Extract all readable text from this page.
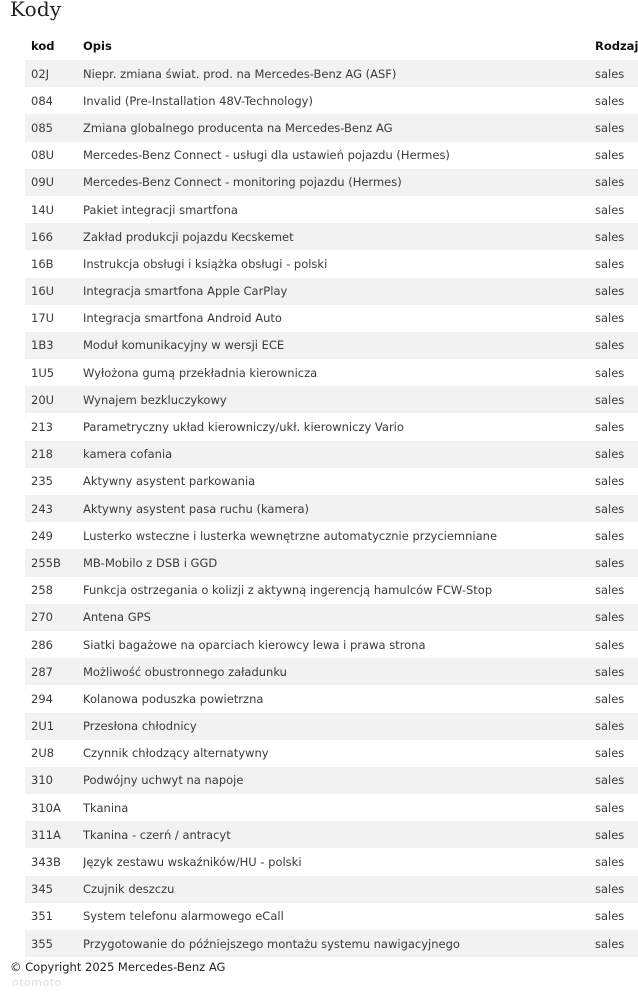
Kody
kod	Opis	Rodzaj
02J	Niepr. zmiana świat. prod. na Mercedes-Benz AG (ASF)	sales
084	Invalid (Pre-Installation 48V-Technology)	sales
085	Zmiana globalnego producenta na Mercedes-Benz AG	sales
08U	Mercedes-Benz Connect - usługi dla ustawień pojazdu (Hermes)	sales
09U	Mercedes-Benz Connect - monitoring pojazdu (Hermes)	sales
14U	Pakiet integracji smartfona	sales
166	Zakład produkcji pojazdu Kecskemet	sales
16B	Instrukcja obsługi i książka obsługi - polski	sales
16U	Integracja smartfona Apple CarPlay	sales
17U	Integracja smartfona Android Auto	sales
1B3	Moduł komunikacyjny w wersji ECE	sales
1U5	Wyłożona gumą przekładnia kierownicza	sales
20U	Wynajem bezkluczykowy	sales
213	Parametryczny układ kierowniczy/ukł. kierowniczy Vario	sales
218	kamera cofania	sales
235	Aktywny asystent parkowania	sales
243	Aktywny asystent pasa ruchu (kamera)	sales
249	Lusterko wsteczne i lusterka wewnętrzne automatycznie przyciemniane	sales
255B	MB-Mobilo z DSB i GGD	sales
258	Funkcja ostrzegania o kolizji z aktywną ingerencją hamulców FCW-Stop	sales
270	Antena GPS	sales
286	Siatki bagażowe na oparciach kierowcy lewa i prawa strona	sales
287	Możliwość obustronnego załadunku	sales
294	Kolanowa poduszka powietrzna	sales
2U1	Przesłona chłodnicy	sales
2U8	Czynnik chłodzący alternatywny	sales
310	Podwójny uchwyt na napoje	sales
310A	Tkanina	sales
311A	Tkanina - czerń / antracyt	sales
343B	Język zestawu wskaźników/HU - polski	sales
345	Czujnik deszczu	sales
351	System telefonu alarmowego eCall	sales
355	Przygotowanie do późniejszego montażu systemu nawigacyjnego	sales
© Copyright 2025 Mercedes-Benz AG
otomoto
